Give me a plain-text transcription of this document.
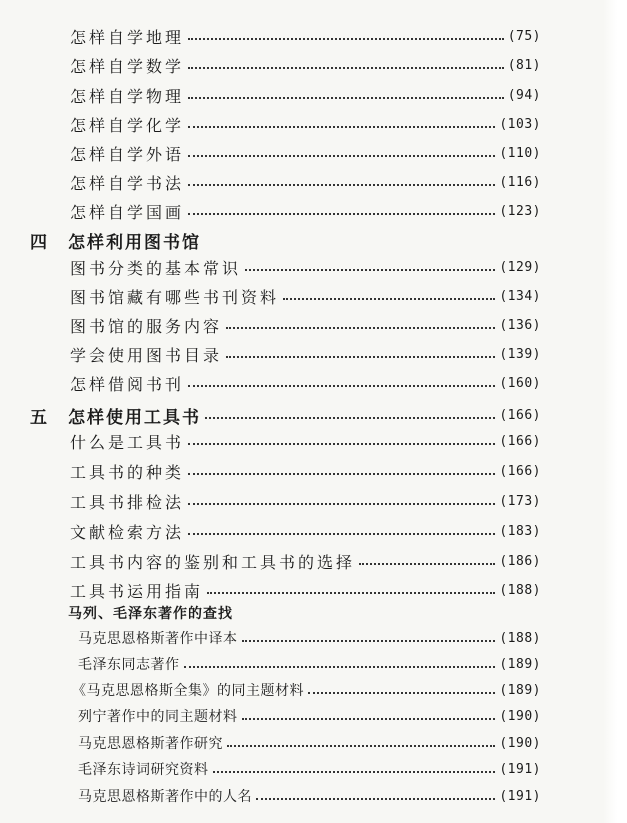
怎样自学地理	(75)
怎样自学数学	(81)
怎样自学物理	(94)
怎样自学化学	(103)
怎样自学外语	(110)
怎样自学书法	(116)
怎样自学国画	(123)
四 怎样利用图书馆
图书分类的基本常识	(129)
图书馆藏有哪些书刊资料	(134)
图书馆的服务内容	(136)
学会使用图书目录	(139)
怎样借阅书刊	(160)
五	怎样使用工具书	(166)
什么是工具书	(166)
工具书的种类	(166)
工具书排检法	(173)
文献检索方法	(183)
工具书内容的鉴别和工具书的选择	(186)
工具书运用指南	(188)
马列、毛泽东著作的查找
马克思恩格斯著作中译本	(188)
毛泽东同志著作	(189)
《马克思恩格斯全集》的同主题材料	(189)
列宁著作中的同主题材料	(190)
马克思恩格斯著作研究	(190)
毛泽东诗词研究资料	(191)
马克思恩格斯著作中的人名	(191)
